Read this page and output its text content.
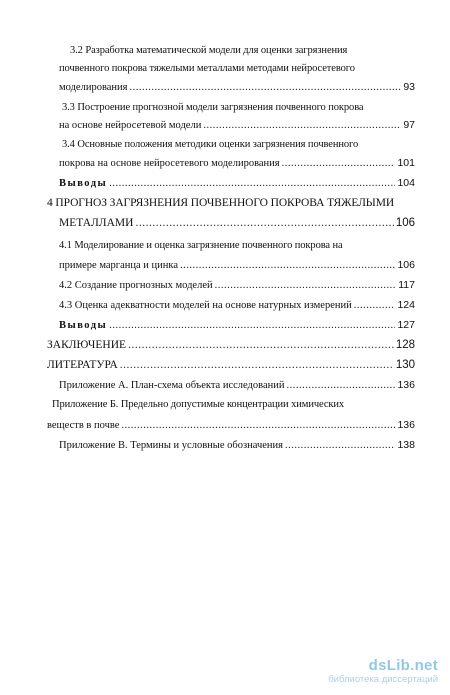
3.2 Разработка математической модели для оценки загрязнения
почвенного покрова тяжелыми металлами методами нейросетевого
моделирования .....	93
3.3 Построение прогнозной модели загрязнения почвенного покрова
на основе нейросетевой модели .....	97
3.4 Основные положения методики оценки загрязнения почвенного
покрова на основе нейросетевого моделирования .....	101
Выводы .....	104
4 ПРОГНОЗ ЗАГРЯЗНЕНИЯ ПОЧВЕННОГО ПОКРОВА ТЯЖЕЛЫМИ
МЕТАЛЛАМИ .....	106
4.1 Моделирование и оценка загрязнение почвенного покрова на
примере марганца и цинка .....	106
4.2 Создание прогнозных моделей .....	117
4.3 Оценка адекватности моделей на основе натурных измерений .....	124
Выводы .....	127
ЗАКЛЮЧЕНИЕ .....	128
ЛИТЕРАТУРА .....	130
Приложение А. План-схема объекта исследований .....	136
Приложение Б. Предельно допустимые концентрации химических
веществ в почве .....	136
Приложение В. Термины и условные обозначения .....	138
dsLib.net
библиотека диссертаций
